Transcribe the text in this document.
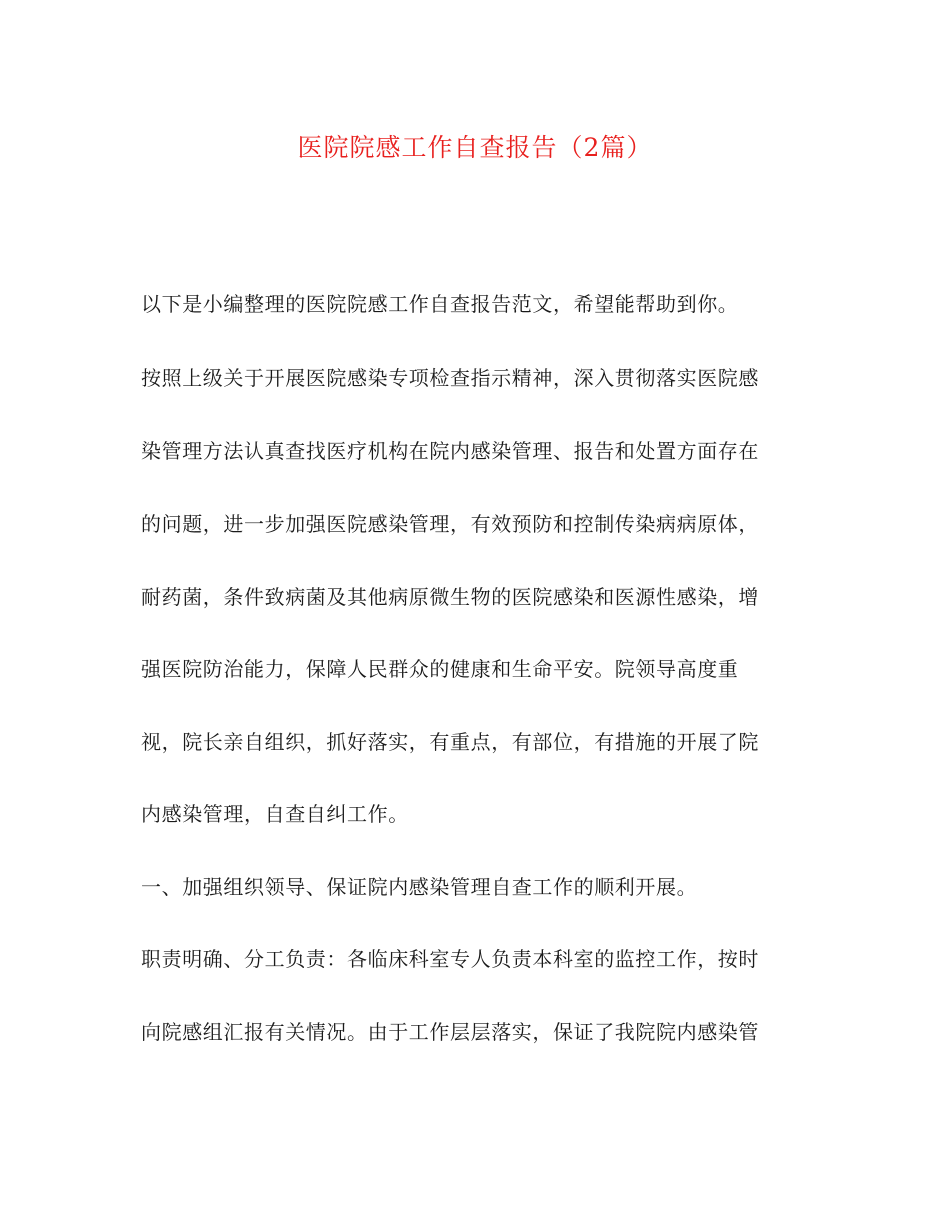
医院院感工作自查报告（2篇）
以下是小编整理的医院院感工作自查报告范文，希望能帮助到你。
按照上级关于开展医院感染专项检查指示精神，深入贯彻落实医院感
染管理方法认真查找医疗机构在院内感染管理、报告和处置方面存在
的问题，进一步加强医院感染管理，有效预防和控制传染病病原体，
耐药菌，条件致病菌及其他病原微生物的医院感染和医源性感染，增
强医院防治能力，保障人民群众的健康和生命平安。院领导高度重
视，院长亲自组织，抓好落实，有重点，有部位，有措施的开展了院
内感染管理，自查自纠工作。
一、加强组织领导、保证院内感染管理自查工作的顺利开展。
职责明确、分工负责：各临床科室专人负责本科室的监控工作，按时
向院感组汇报有关情况。由于工作层层落实，保证了我院院内感染管
